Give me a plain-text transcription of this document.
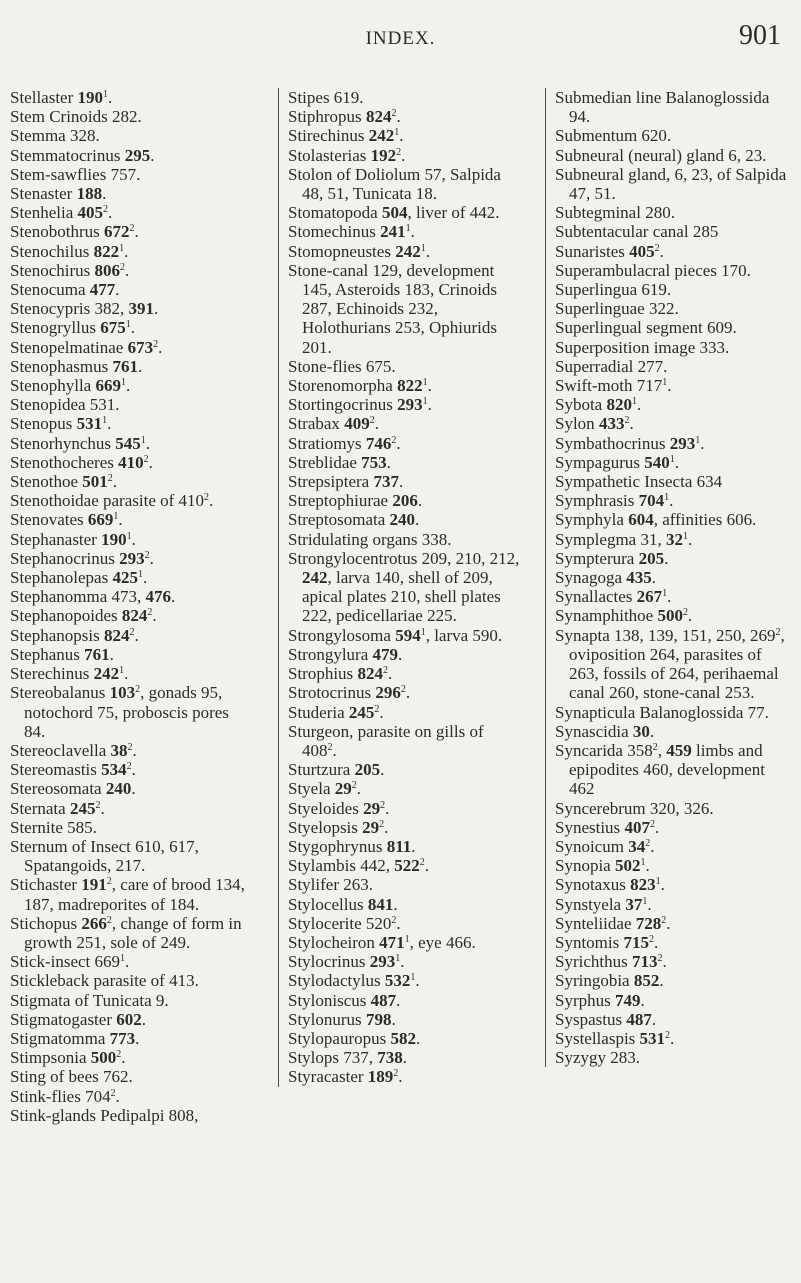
INDEX.	901

Stellaster $190^1$.

Stem Crinoids 282.

Stemma 328.

Stemmatocrinus 295.

Stem-sawflies 757.

Stenaster 188.

Stenhelia $405^2$.

Stenobothrus $672^2$.

Stenochilus $822^1$.

Stenochirus $806^2$.

Stenocuma 477.

Stenocypris 382, 391.

Stenogryllus $675^1$.

Stenopelmatinae $673^2$.

Stenophasmus 761.

Stenophylla $669^1$.

Stenopidea 531.

Stenopus $531^1$.

Stenorhynchus $545^1$.

Stenothocheres $410^2$.

Stenothoe $501^2$.

Stenothoidae parasite of $410^2$.

Stenovates $669^1$.

Stephanaster $190^1$.

Stephanocrinus $293^2$.

Stephanolepas $425^1$.

Stephanomma 473, 476.

Stephanopoides $824^2$.

Stephanopsis $824^2$.

Stephanus 761.

Sterechinus $242^1$.

Stereobalanus $103^2$, gonads 95, notochord 75, proboscis pores 84.

Stereoclavella $38^2$.

Stereomastis $534^2$.

Stereosomata 240.

Sternata $245^2$.

Sternite 585.

Sternum of Insect 610, 617, Spatangoids, 217.

Stichaster $191^2$, care of brood 134, 187, madreporites of 184.

Stichopus $266^2$, change of form in growth 251, sole of 249.

Stick-insect $669^1$.

Stickleback parasite of 413.

Stigmata of Tunicata 9.

Stigmatogaster 602.

Stigmatomma 773.

Stimpsonia $500^2$.

Sting of bees 762.

Stink-flies $704^2$.

Stink-glands Pedipalpi 808,

Stipes 619.

Stiphropus $824^2$.

Stirechinus $242^1$.

Stolasterias $192^2$.

Stolon of Doliolum 57, Salpida 48, 51, Tunicata 18.

Stomatopoda 504, liver of 442.

Stomechinus $241^1$.

Stomopneustes $242^1$.

Stone-canal 129, development 145, Asteroids 183, Crinoids 287, Echinoids 232, Holothurians 253, Ophiurids 201.

Stone-flies 675.

Storenomorpha $822^1$.

Stortingocrinus $293^1$.

Strabax $409^2$.

Stratiomys $746^2$.

Streblidae 753.

Strepsiptera 737.

Streptophiurae 206.

Streptosomata 240.

Stridulating organs 338.

Strongylocentrotus 209, 210, 212, 242, larva 140, shell of 209, apical plates 210, shell plates 222, pedicellariae 225.

Strongylosoma $594^1$, larva 590.

Strongylura 479.

Strophius $824^2$.

Strotocrinus $296^2$.

Studeria $245^2$.

Sturgeon, parasite on gills of $408^2$.

Sturtzura 205.

Styela $29^2$.

Styeloides $29^2$.

Styelopsis $29^2$.

Stygophrynus 811.

Stylambis 442, $522^2$.

Stylifer 263.

Stylocellus 841.

Stylocerite $520^2$.

Stylocheiron $471^1$, eye 466.

Stylocrinus $293^1$.

Stylodactylus $532^1$.

Styloniscus 487.

Stylonurus 798.

Stylopauropus 582.

Stylops 737, 738.

Styracaster $189^2$.

Submedian line Balanoglossida 94.

Submentum 620.

Subneural (neural) gland 6, 23.

Subneural gland, 6, 23, of Salpida 47, 51.

Subtegminal 280.

Subtentacular canal 285

Sunaristes $405^2$.

Superambulacral pieces 170.

Superlingua 619.

Superlinguae 322.

Superlingual segment 609.

Superposition image 333.

Superradial 277.

Swift-moth $717^1$.

Sybota $820^1$.

Sylon $433^2$.

Symbathocrinus $293^1$.

Sympagurus $540^1$.

Sympathetic Insecta 634

Symphrasis $704^1$.

Symphyla 604, affinities 606.

Symplegma 31, $32^1$.

Sympterura 205.

Synagoga 435.

Synallactes $267^1$.

Synamphithoe $500^2$.

Synapta 138, 139, 151, 250, $269^2$, oviposition 264, parasites of 263, fossils of 264, perihaemal canal 260, stone-canal 253.

Synapticula Balanoglossida 77.

Synascidia 30.

Syncarida $358^2$, 459 limbs and epipodites 460, development 462

Syncerebrum 320, 326.

Synestius $407^2$.

Synoicum $34^2$.

Synopia $502^1$.

Synotaxus $823^1$.

Synstyela $37^1$.

Synteliidae $728^2$.

Syntomis $715^2$.

Syrichthus $713^2$.

Syringobia 852.

Syrphus 749.

Syspastus 487.

Systellaspis $531^2$.

Syzygy 283.
